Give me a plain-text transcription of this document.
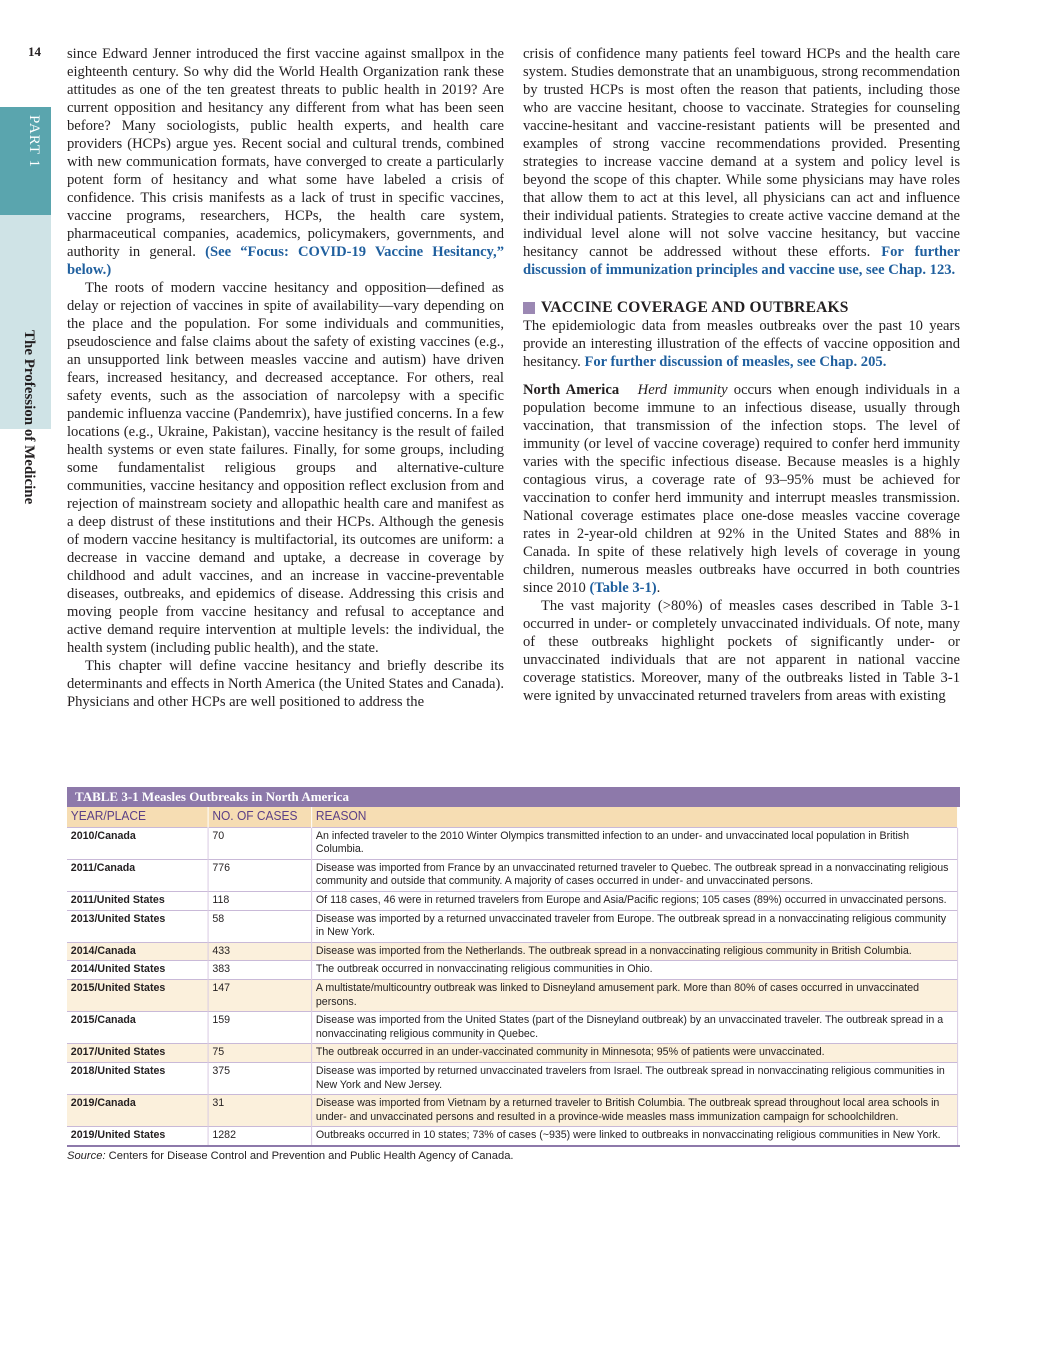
14
PART 1
The Profession of Medicine

since Edward Jenner introduced the first vaccine against smallpox in the eighteenth century. So why did the World Health Organization rank these attitudes as one of the ten greatest threats to public health in 2019? Are current opposition and hesitancy any different from what has been seen before? Many sociologists, public health experts, and health care providers (HCPs) argue yes. Recent social and cultural trends, combined with new communication formats, have converged to create a particularly potent form of hesitancy and what some have labeled a crisis of confidence. This crisis manifests as a lack of trust in specific vaccines, vaccine programs, researchers, HCPs, the health care system, pharmaceutical companies, academics, policymakers, governments, and authority in general. (See “Focus: COVID-19 Vaccine Hesitancy,” below.)

The roots of modern vaccine hesitancy and opposition—defined as delay or rejection of vaccines in spite of availability—vary depending on the place and the population. For some individuals and communities, pseudoscience and false claims about the safety of existing vaccines (e.g., an unsupported link between measles vaccine and autism) have driven fears, increased hesitancy, and decreased acceptance. For others, real safety events, such as the association of narcolepsy with a specific pandemic influenza vaccine (Pandemrix), have justified concerns. In a few locations (e.g., Ukraine, Pakistan), vaccine hesitancy is the result of failed health systems or even state failures. Finally, for some groups, including some fundamentalist religious groups and alternative-culture communities, vaccine hesitancy and opposition reflect exclusion from and rejection of mainstream society and allopathic health care and manifest as a deep distrust of these institutions and their HCPs. Although the genesis of modern vaccine hesitancy is multifactorial, its outcomes are uniform: a decrease in vaccine demand and uptake, a decrease in coverage by childhood and adult vaccines, and an increase in vaccine-preventable diseases, outbreaks, and epidemics of disease. Addressing this crisis and moving people from vaccine hesitancy and refusal to acceptance and active demand require intervention at multiple levels: the individual, the health system (including public health), and the state.

This chapter will define vaccine hesitancy and briefly describe its determinants and effects in North America (the United States and Canada). Physicians and other HCPs are well positioned to address the

crisis of confidence many patients feel toward HCPs and the health care system. Studies demonstrate that an unambiguous, strong recommendation by trusted HCPs is most often the reason that patients, including those who are vaccine hesitant, choose to vaccinate. Strategies for counseling vaccine-hesitant and vaccine-resistant patients will be presented and examples of strong vaccine recommendations provided. Presenting strategies to increase vaccine demand at a system and policy level is beyond the scope of this chapter. While some physicians may have roles that allow them to act at this level, all physicians can act and influence their individual patients. Strategies to create active vaccine demand at the individual level alone will not solve vaccine hesitancy, but vaccine hesitancy cannot be addressed without these efforts. For further discussion of immunization principles and vaccine use, see Chap. 123.

VACCINE COVERAGE AND OUTBREAKS

The epidemiologic data from measles outbreaks over the past 10 years provide an interesting illustration of the effects of vaccine opposition and hesitancy. For further discussion of measles, see Chap. 205.

North America Herd immunity occurs when enough individuals in a population become immune to an infectious disease, usually through vaccination, that transmission of the infection stops. The level of immunity (or level of vaccine coverage) required to confer herd immunity varies with the specific infectious disease. Because measles is a highly contagious virus, a coverage rate of 93–95% must be achieved for vaccination to confer herd immunity and interrupt measles transmission. National coverage estimates place one-dose measles vaccine coverage rates in 2-year-old children at 92% in the United States and 88% in Canada. In spite of these relatively high levels of coverage in young children, numerous measles outbreaks have occurred in both countries since 2010 (Table 3-1).

The vast majority (>80%) of measles cases described in Table 3-1 occurred in under- or completely unvaccinated individuals. Of note, many of these outbreaks highlight pockets of significantly under- or unvaccinated individuals that are not apparent in national vaccine coverage statistics. Moreover, many of the outbreaks listed in Table 3-1 were ignited by unvaccinated returned travelers from areas with existing

TABLE 3-1 Measles Outbreaks in North America
YEAR/PLACE	NO. OF CASES	REASON
2010/Canada	70	An infected traveler to the 2010 Winter Olympics transmitted infection to an under- and unvaccinated local population in British Columbia.
2011/Canada	776	Disease was imported from France by an unvaccinated returned traveler to Quebec. The outbreak spread in a nonvaccinating religious community and outside that community. A majority of cases occurred in under- and unvaccinated persons.
2011/United States	118	Of 118 cases, 46 were in returned travelers from Europe and Asia/Pacific regions; 105 cases (89%) occurred in unvaccinated persons.
2013/United States	58	Disease was imported by a returned unvaccinated traveler from Europe. The outbreak spread in a nonvaccinating religious community in New York.
2014/Canada	433	Disease was imported from the Netherlands. The outbreak spread in a nonvaccinating religious community in British Columbia.
2014/United States	383	The outbreak occurred in nonvaccinating religious communities in Ohio.
2015/United States	147	A multistate/multicountry outbreak was linked to Disneyland amusement park. More than 80% of cases occurred in unvaccinated persons.
2015/Canada	159	Disease was imported from the United States (part of the Disneyland outbreak) by an unvaccinated traveler. The outbreak spread in a nonvaccinating religious community in Quebec.
2017/United States	75	The outbreak occurred in an under-vaccinated community in Minnesota; 95% of patients were unvaccinated.
2018/United States	375	Disease was imported by returned unvaccinated travelers from Israel. The outbreak spread in nonvaccinating religious communities in New York and New Jersey.
2019/Canada	31	Disease was imported from Vietnam by a returned traveler to British Columbia. The outbreak spread throughout local area schools in under- and unvaccinated persons and resulted in a province-wide measles mass immunization campaign for schoolchildren.
2019/United States	1282	Outbreaks occurred in 10 states; 73% of cases (~935) were linked to outbreaks in nonvaccinating religious communities in New York.
Source: Centers for Disease Control and Prevention and Public Health Agency of Canada.
